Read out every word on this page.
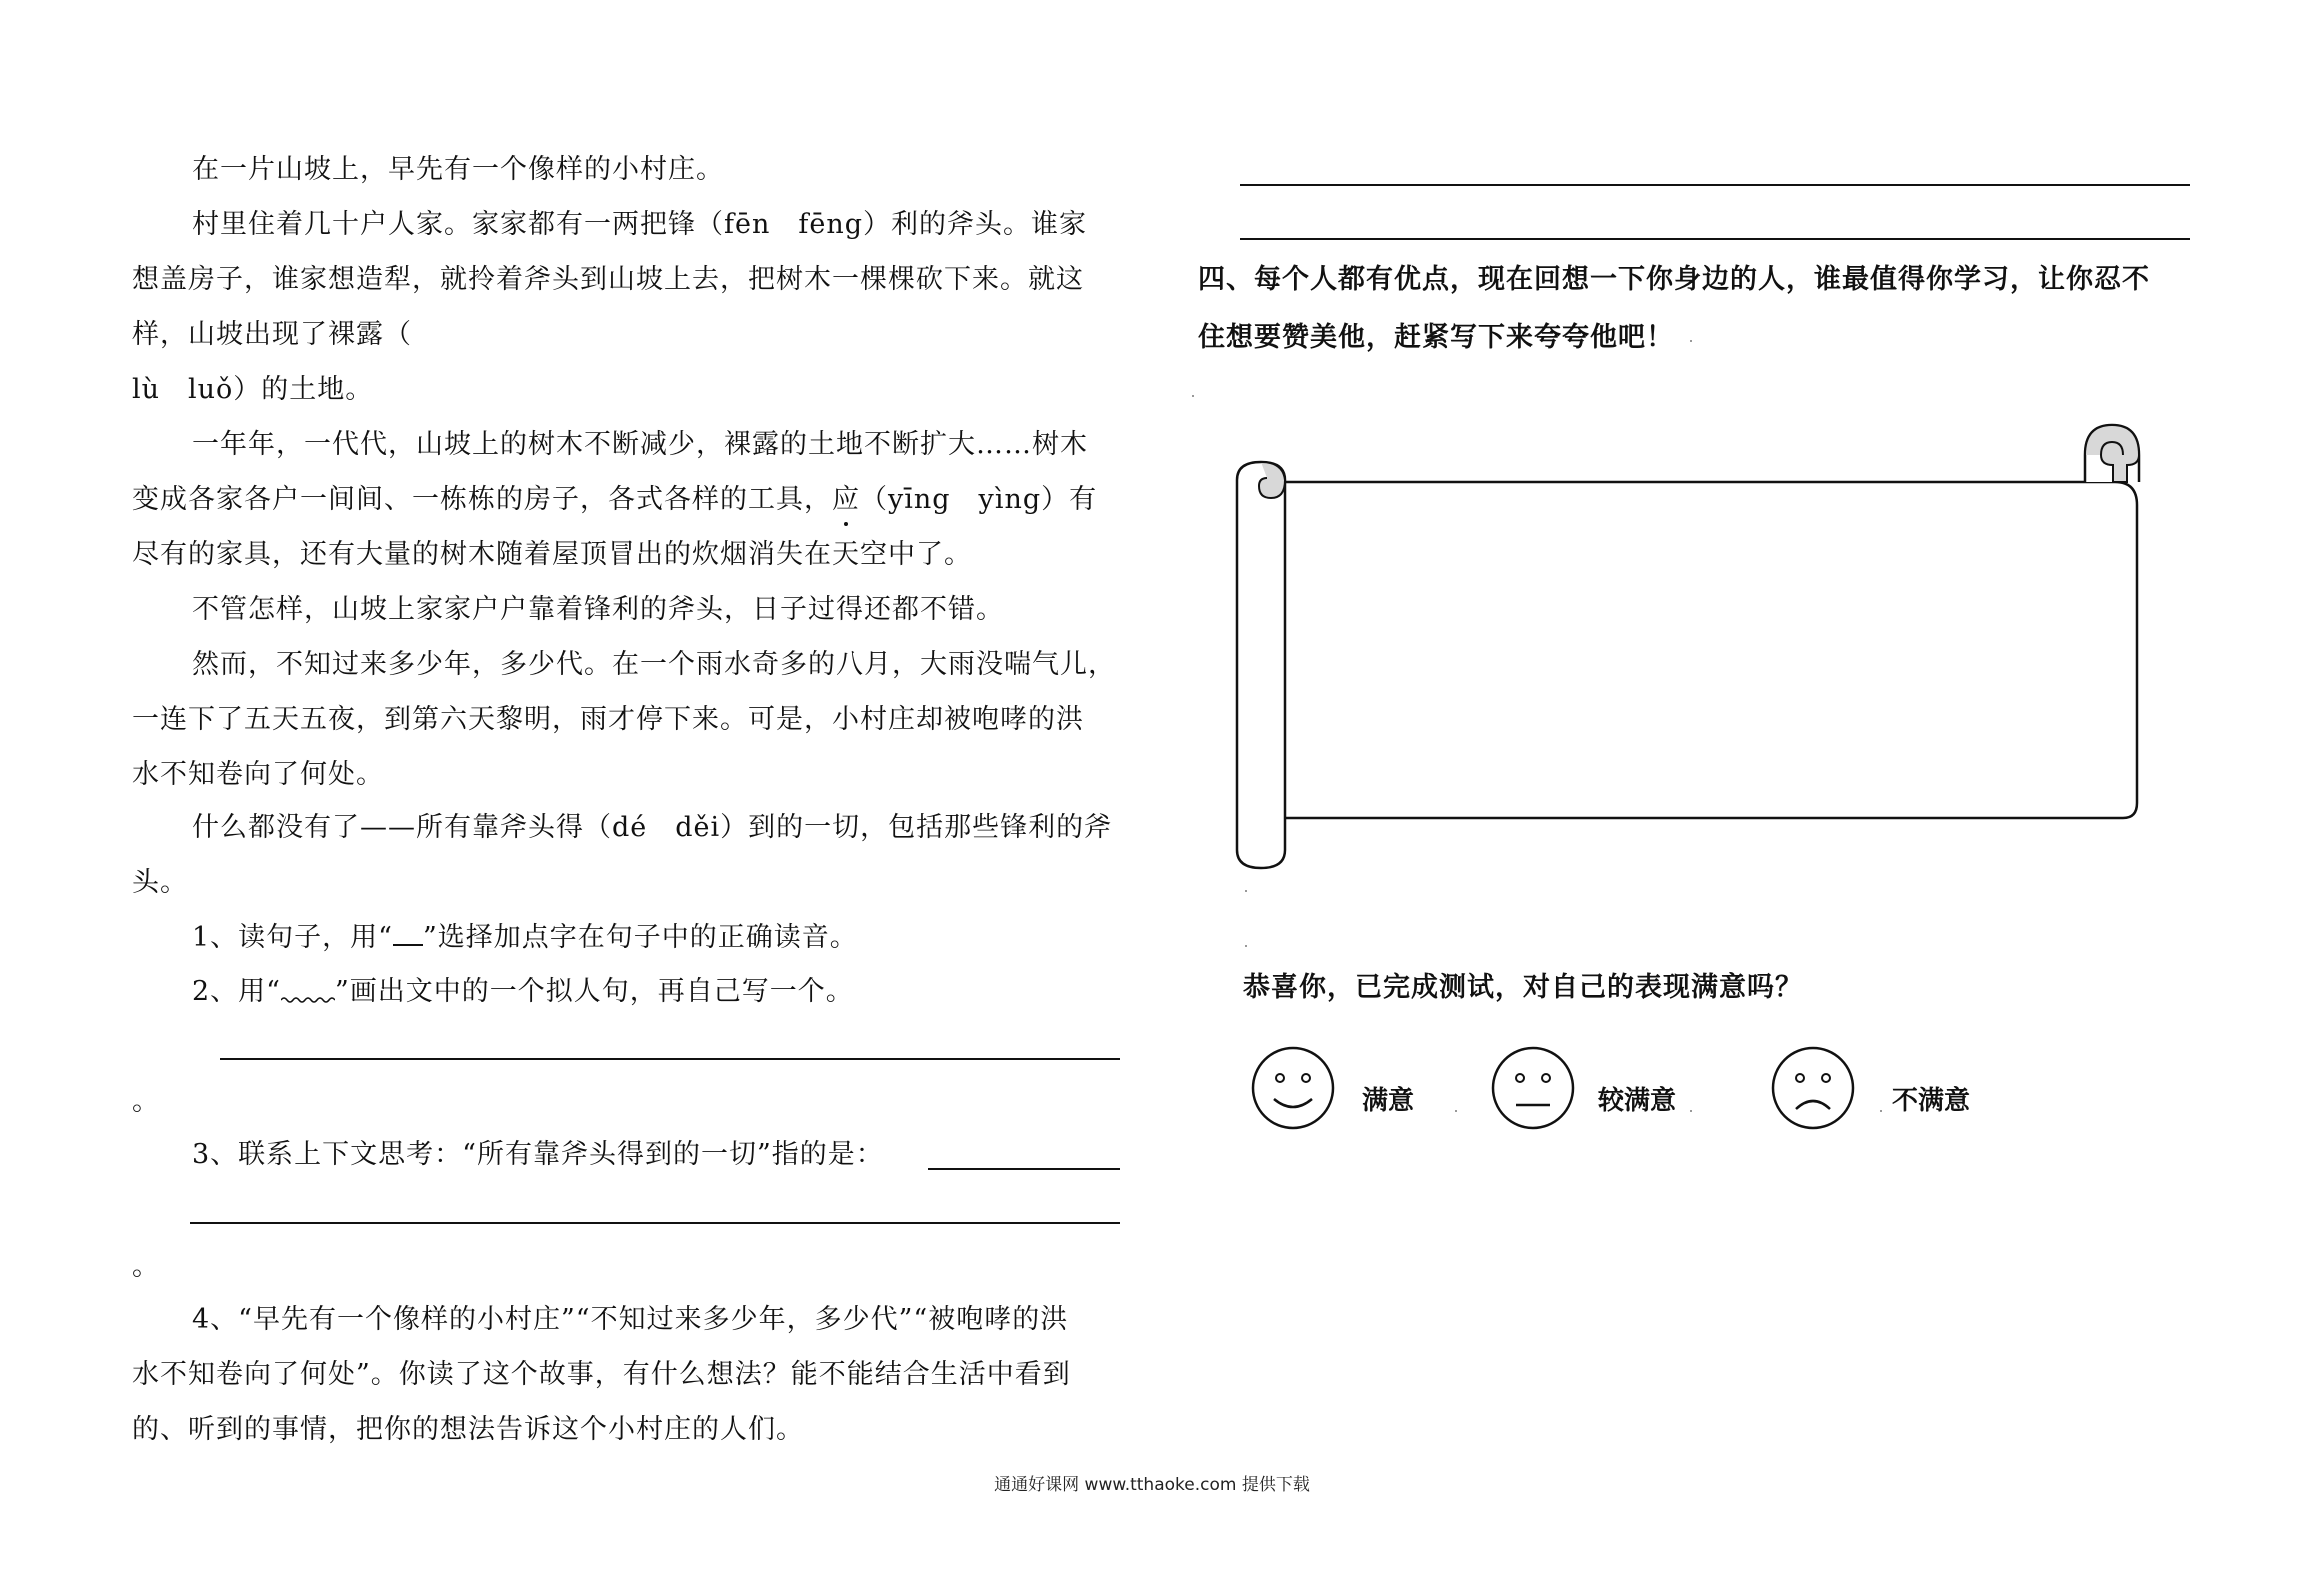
在一片山坡上，早先有一个像样的小村庄。
村里住着几十户人家。家家都有一两把锋（fēn　fēng）利的斧头。谁家
想盖房子，谁家想造犁，就拎着斧头到山坡上去，把树木一棵棵砍下来。就这
样，山坡出现了裸露（
lù　luǒ）的土地。
一年年，一代代，山坡上的树木不断减少，裸露的土地不断扩大……树木
变成各家各户一间间、一栋栋的房子，各式各样的工具，应（yīng　yìng）有
尽有的家具，还有大量的树木随着屋顶冒出的炊烟消失在天空中了。
不管怎样，山坡上家家户户靠着锋利的斧头，日子过得还都不错。
然而，不知过来多少年，多少代。在一个雨水奇多的八月，大雨没喘气儿，
一连下了五天五夜，到第六天黎明，雨才停下来。可是，小村庄却被咆哮的洪
水不知卷向了何处。
什么都没有了——所有靠斧头得（dé　děi）到的一切，包括那些锋利的斧
头。
1、读句子，用“ ”选择加点字在句子中的正确读音。
2、用“ ”画出文中的一个拟人句，再自己写一个。
。
3、联系上下文思考：“所有靠斧头得到的一切”指的是：
。
4、“早先有一个像样的小村庄”“不知过来多少年，多少代”“被咆哮的洪
水不知卷向了何处”。你读了这个故事，有什么想法？能不能结合生活中看到
的、听到的事情，把你的想法告诉这个小村庄的人们。
四、每个人都有优点，现在回想一下你身边的人，谁最值得你学习，让你忍不
住想要赞美他，赶紧写下来夸夸他吧！
恭喜你，已完成测试，对自己的表现满意吗？
满意	较满意	不满意
通通好课网 www.tthaoke.com 提供下载
